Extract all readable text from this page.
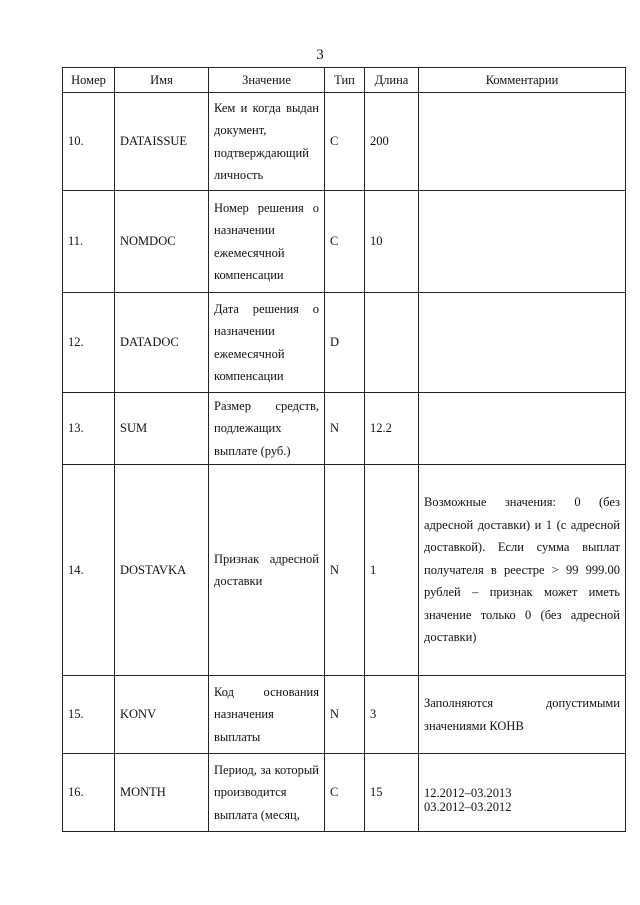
3
Номер	Имя	Значение	Тип	Длина	Комментарии
10.	DATAISSUE	Кем и когда выдан документ, подтверждающий личность	C	200	
11.	NOMDOC	Номер решения о назначении ежемесячной компенсации	C	10	
12.	DATADOC	Дата решения о назначении ежемесячной компенсации	D		
13.	SUM	Размер средств, подлежащих выплате (руб.)	N	12.2	
14.	DOSTAVKA	Признак адресной доставки	N	1	Возможные значения: 0 (без адресной доставки) и 1 (с адресной доставкой). Если сумма выплат получателя в реестре > 99 999.00 рублей – признак может иметь значение только 0 (без адресной доставки)
15.	KONV	Код основания назначения выплаты	N	3	Заполняются допустимыми значениями КОНВ
16.	MONTH	Период, за который производится выплата (месяц,	C	15	12.2012–03.2013
03.2012–03.2012
